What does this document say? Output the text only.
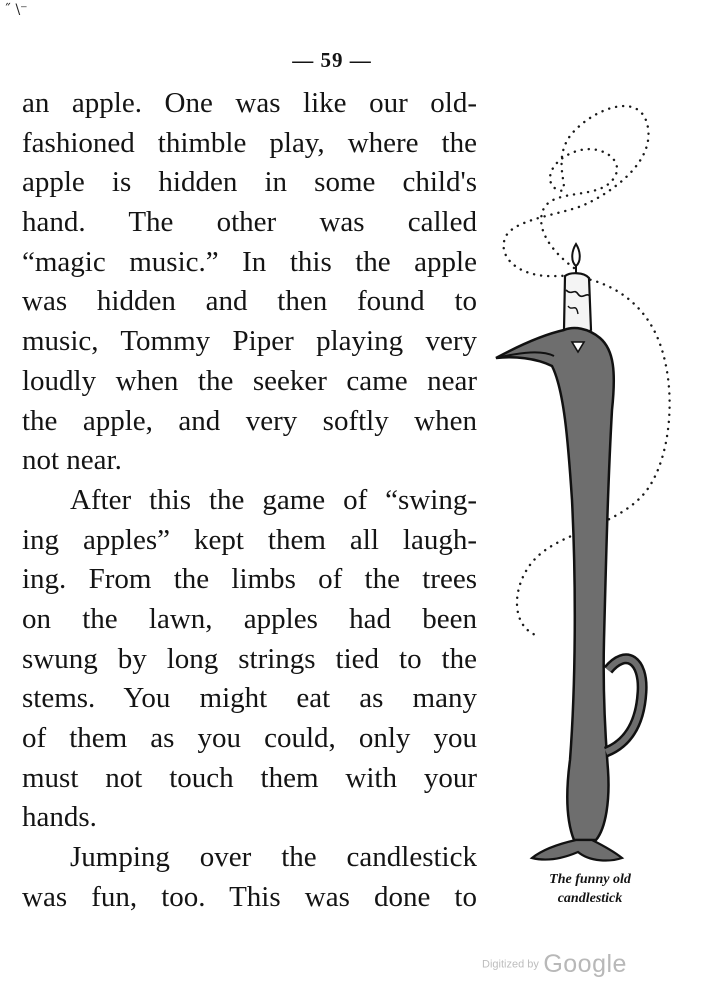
˝ \⁻
— 59 —
an apple. One was like our old-
fashioned thimble play, where the
apple is hidden in some child's
hand. The other was called
“magic music.” In this the apple
was hidden and then found to
music, Tommy Piper playing very
loudly when the seeker came near
the apple, and very softly when
not near.
After this the game of “swing-
ing apples” kept them all laugh-
ing. From the limbs of the trees
on the lawn, apples had been
swung by long strings tied to the
stems. You might eat as many
of them as you could, only you
must not touch them with your
hands.
Jumping over the candlestick
was fun, too. This was done to
The funny old
candlestick
Digitized by Google
